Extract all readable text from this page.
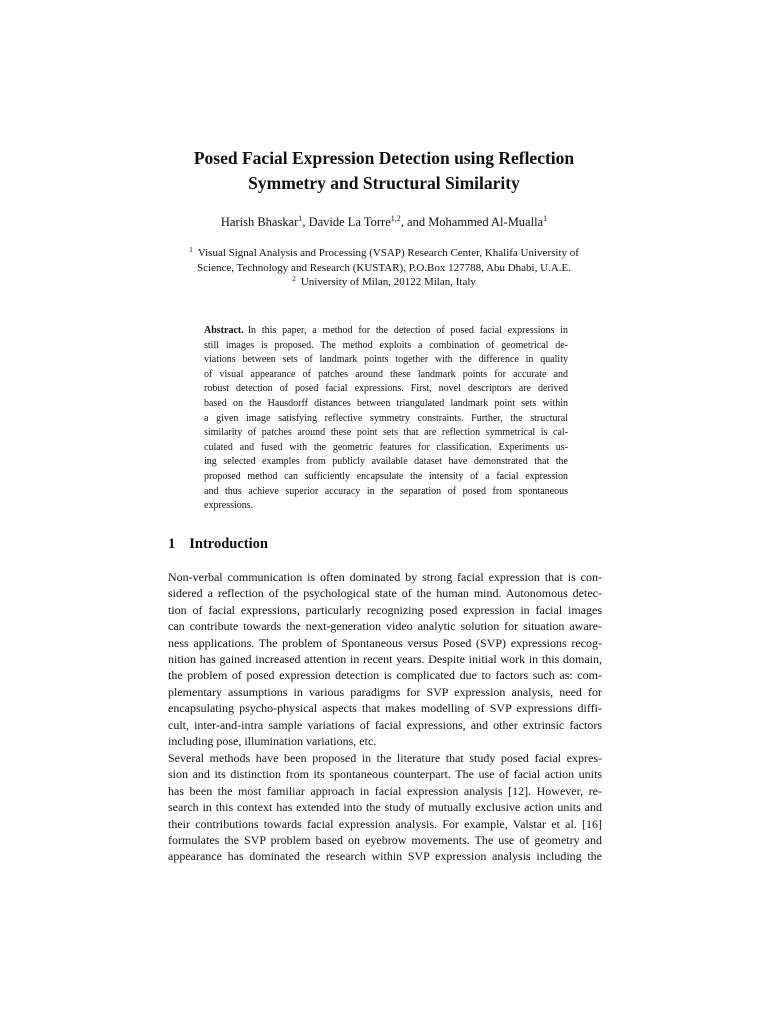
Posed Facial Expression Detection using Reflection
Symmetry and Structural Similarity
Harish Bhaskar$^1$, Davide La Torre$^{1,2}$, and Mohammed Al-Mualla$^1$
$^1$ Visual Signal Analysis and Processing (VSAP) Research Center, Khalifa University of
Science, Technology and Research (KUSTAR), P.O.Box 127788, Abu Dhabi, U.A.E.
$^2$ University of Milan, 20122 Milan, Italy
Abstract. In this paper, a method for the detection of posed facial expressions in
still images is proposed. The method exploits a combination of geometrical de-
viations between sets of landmark points together with the difference in quality
of visual appearance of patches around these landmark points for accurate and
robust detection of posed facial expressions. First, novel descriptors are derived
based on the Hausdorff distances between triangulated landmark point sets within
a given image satisfying reflective symmetry constraints. Further, the structural
similarity of patches around these point sets that are reflection symmetrical is cal-
culated and fused with the geometric features for classification. Experiments us-
ing selected examples from publicly available dataset have demonstrated that the
proposed method can sufficiently encapsulate the intensity of a facial expression
and thus achieve superior accuracy in the separation of posed from spontaneous
expressions.
1 Introduction
Non-verbal communication is often dominated by strong facial expression that is con-
sidered a reflection of the psychological state of the human mind. Autonomous detec-
tion of facial expressions, particularly recognizing posed expression in facial images
can contribute towards the next-generation video analytic solution for situation aware-
ness applications. The problem of Spontaneous versus Posed (SVP) expressions recog-
nition has gained increased attention in recent years. Despite initial work in this domain,
the problem of posed expression detection is complicated due to factors such as: com-
plementary assumptions in various paradigms for SVP expression analysis, need for
encapsulating psycho-physical aspects that makes modelling of SVP expressions diffi-
cult, inter-and-intra sample variations of facial expressions, and other extrinsic factors
including pose, illumination variations, etc.
Several methods have been proposed in the literature that study posed facial expres-
sion and its distinction from its spontaneous counterpart. The use of facial action units
has been the most familiar approach in facial expression analysis [12]. However, re-
search in this context has extended into the study of mutually exclusive action units and
their contributions towards facial expression analysis. For example, Valstar et al. [16]
formulates the SVP problem based on eyebrow movements. The use of geometry and
appearance has dominated the research within SVP expression analysis including the
